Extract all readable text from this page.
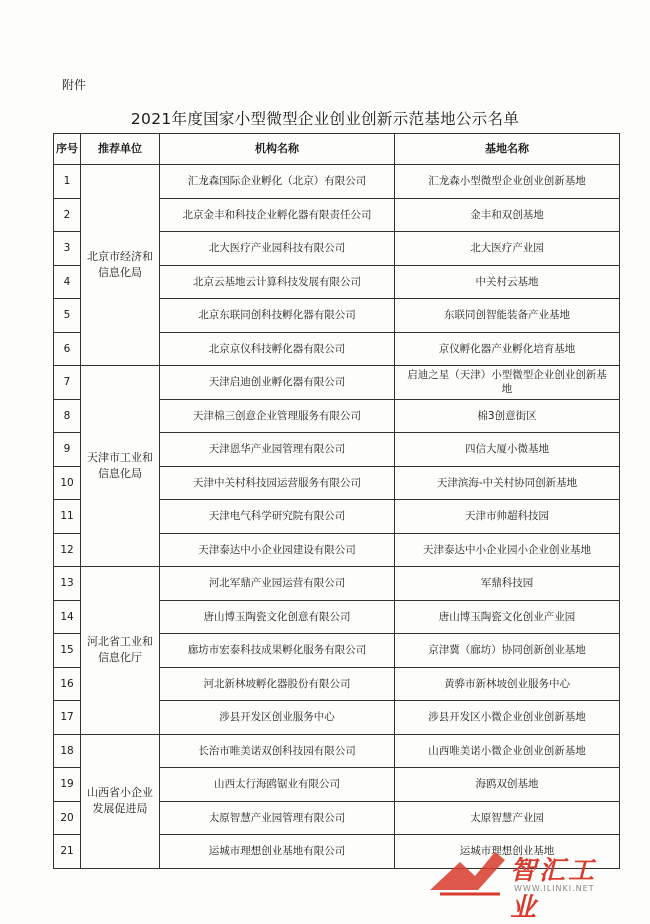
附件
2021年度国家小型微型企业创业创新示范基地公示名单
序号	推荐单位	机构名称	基地名称
1	北京市经济和信息化局	汇龙森国际企业孵化（北京）有限公司	汇龙森小型微型企业创业创新基地
2		北京金丰和科技企业孵化器有限责任公司	金丰和双创基地
3		北大医疗产业园科技有限公司	北大医疗产业园
4		北京云基地云计算科技发展有限公司	中关村云基地
5		北京东联同创科技孵化器有限公司	东联同创智能装备产业基地
6		北京京仪科技孵化器有限公司	京仪孵化器产业孵化培育基地
7	天津市工业和信息化局	天津启迪创业孵化器有限公司	启迪之星（天津）小型微型企业创业创新基地
8		天津棉三创意企业管理服务有限公司	棉3创意街区
9		天津恩华产业园管理有限公司	四信大厦小微基地
10		天津中关村科技园运营服务有限公司	天津滨海-中关村协同创新基地
11		天津电气科学研究院有限公司	天津市帅超科技园
12		天津泰达中小企业园建设有限公司	天津泰达中小企业园小企业创业基地
13	河北省工业和信息化厅	河北军鼎产业园运营有限公司	军鼎科技园
14		唐山博玉陶瓷文化创意有限公司	唐山博玉陶瓷文化创业产业园
15		廊坊市宏泰科技成果孵化服务有限公司	京津冀（廊坊）协同创新创业基地
16		河北新林坡孵化器股份有限公司	黄骅市新林坡创业服务中心
17		涉县开发区创业服务中心	涉县开发区小微企业创业创新基地
18	山西省小企业发展促进局	长治市唯美诺双创科技园有限公司	山西唯美诺小微企业创业创新基地
19		山西太行海鸥锯业有限公司	海鸥双创基地
20		太原智慧产业园管理有限公司	太原智慧产业园
21		运城市理想创业基地有限公司	运城市理想创业基地
智汇工业
WWW.ILINKI.NET
